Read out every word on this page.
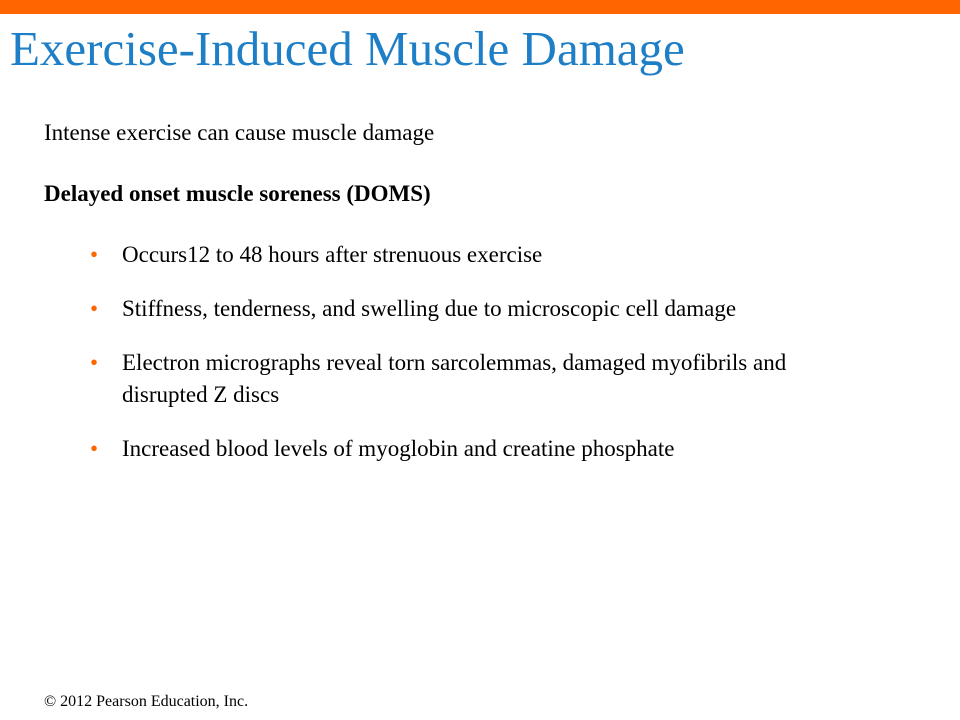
Exercise-Induced Muscle Damage
Intense exercise can cause muscle damage
Delayed onset muscle soreness (DOMS)
• Occurs12 to 48 hours after strenuous exercise
• Stiffness, tenderness, and swelling due to microscopic cell damage
• Electron micrographs reveal torn sarcolemmas, damaged myofibrils and disrupted Z discs
• Increased blood levels of myoglobin and creatine phosphate
© 2012 Pearson Education, Inc.
